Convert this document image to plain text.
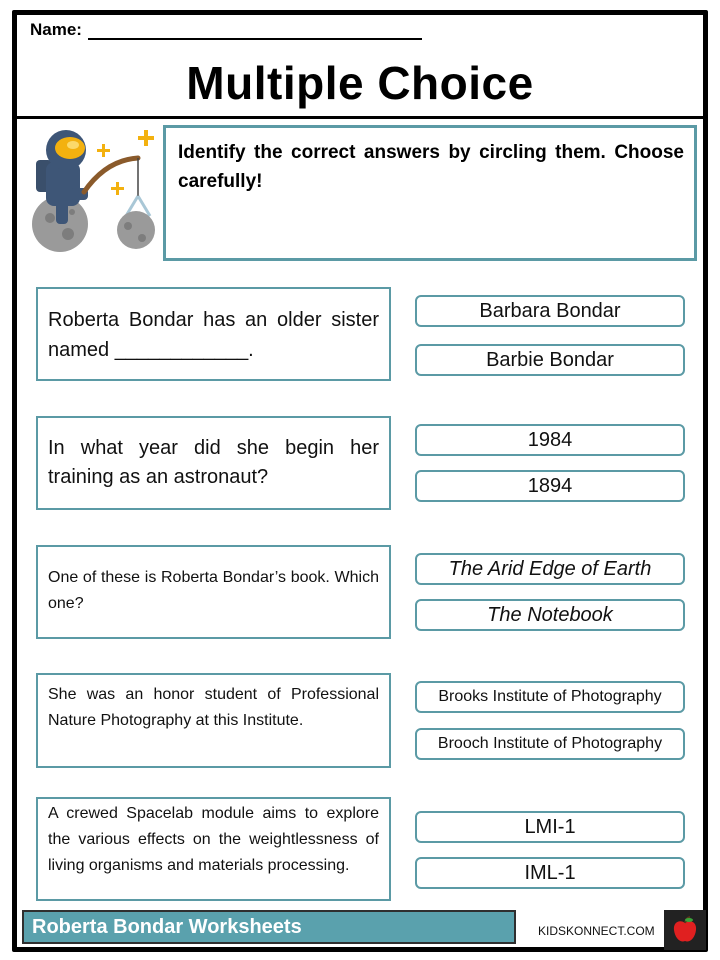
Name:
Multiple Choice
Identify the correct answers by circling them. Choose carefully!
Roberta Bondar has an older sister named ____________.
Barbara Bondar
Barbie Bondar
In what year did she begin her training as an astronaut?
1984
1894
One of these is Roberta Bondar’s book. Which one?
The Arid Edge of Earth
The Notebook
She was an honor student of Professional Nature Photography at this Institute.
Brooks Institute of Photography
Brooch Institute of Photography
A crewed Spacelab module aims to explore the various effects on the weightlessness of living organisms and materials processing.
LMI-1
IML-1
Roberta Bondar Worksheets	KIDSKONNECT.COM
